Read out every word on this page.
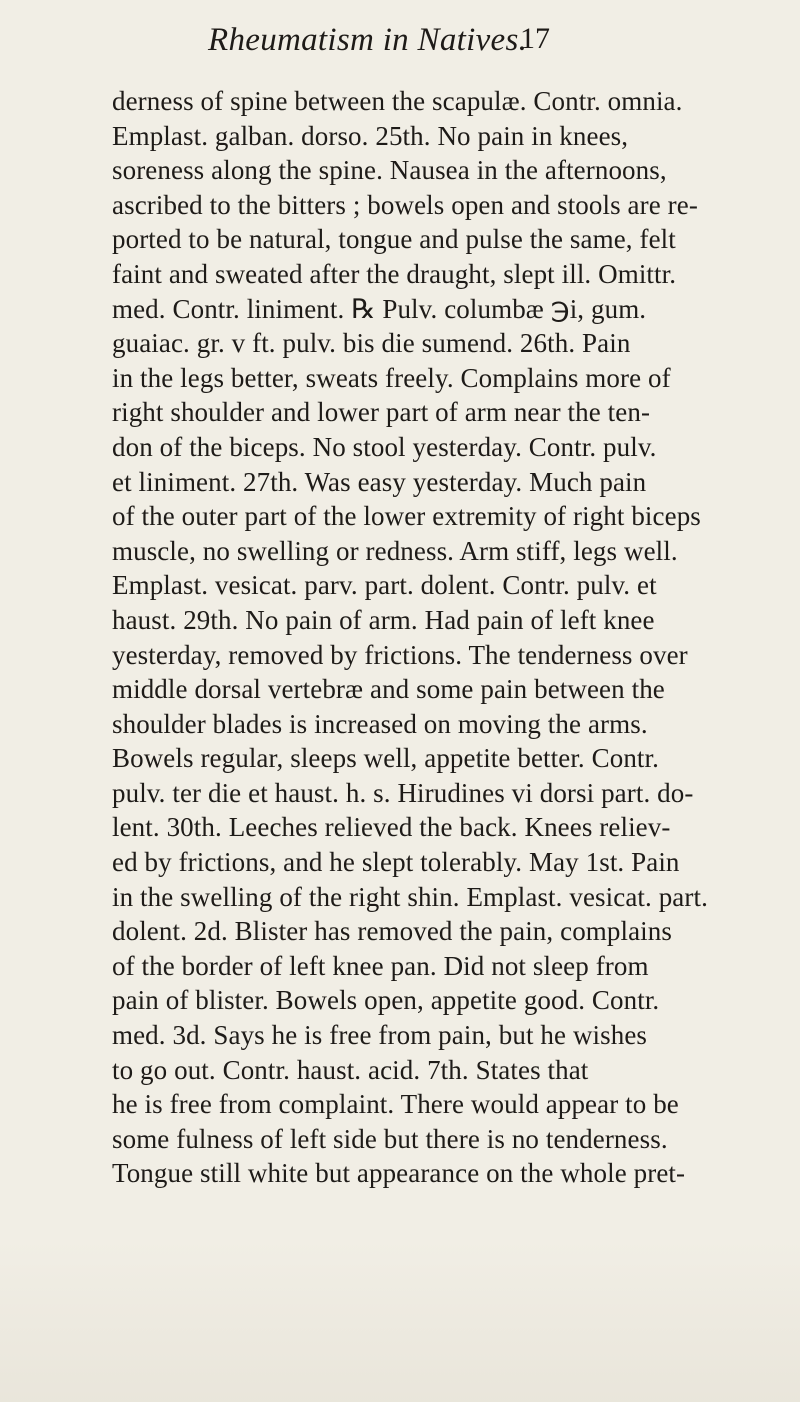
Rheumatism in Natives.
17
derness of spine between the scapulæ. Contr. omnia.
Emplast. galban. dorso. 25th. No pain in knees,
soreness along the spine. Nausea in the afternoons,
ascribed to the bitters ; bowels open and stools are re-
ported to be natural, tongue and pulse the same, felt
faint and sweated after the draught, slept ill. Omittr.
med. Contr. liniment. ℞ Pulv. columbæ ℈i, gum.
guaiac. gr. v ft. pulv. bis die sumend. 26th. Pain
in the legs better, sweats freely. Complains more of
right shoulder and lower part of arm near the ten-
don of the biceps. No stool yesterday. Contr. pulv.
et liniment. 27th. Was easy yesterday. Much pain
of the outer part of the lower extremity of right biceps
muscle, no swelling or redness. Arm stiff, legs well.
Emplast. vesicat. parv. part. dolent. Contr. pulv. et
haust. 29th. No pain of arm. Had pain of left knee
yesterday, removed by frictions. The tenderness over
middle dorsal vertebræ and some pain between the
shoulder blades is increased on moving the arms.
Bowels regular, sleeps well, appetite better. Contr.
pulv. ter die et haust. h. s. Hirudines vi dorsi part. do-
lent. 30th. Leeches relieved the back. Knees reliev-
ed by frictions, and he slept tolerably. May 1st. Pain
in the swelling of the right shin. Emplast. vesicat. part.
dolent. 2d. Blister has removed the pain, complains
of the border of left knee pan. Did not sleep from
pain of blister. Bowels open, appetite good. Contr.
med. 3d. Says he is free from pain, but he wishes
to go out. Contr. haust. acid. 7th. States that
he is free from complaint. There would appear to be
some fulness of left side but there is no tenderness.
Tongue still white but appearance on the whole pret-
